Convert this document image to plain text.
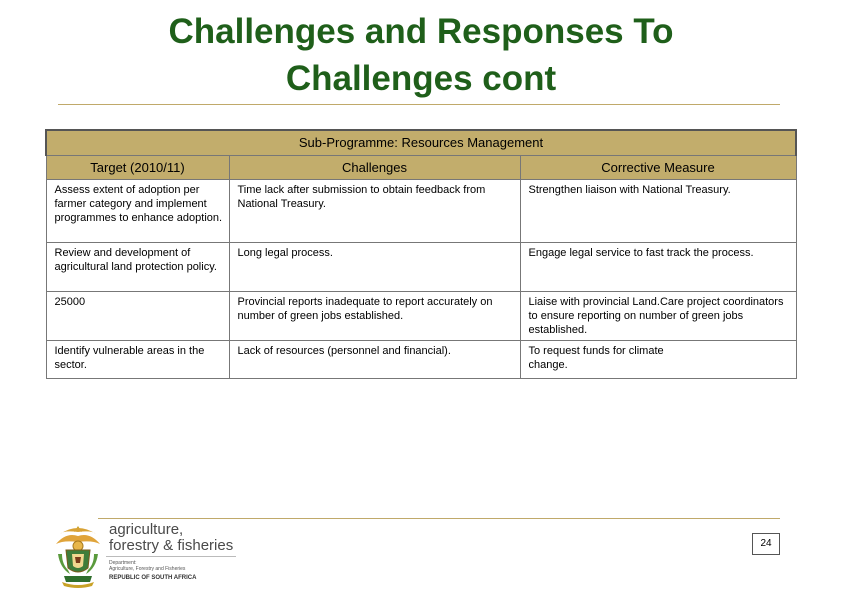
Challenges and Responses To
Challenges cont
Sub-Programme: Resources Management		
Target (2010/11)	Challenges	Corrective Measure

Assess extent of adoption per farmer category and implement programmes to enhance adoption.	Time lack after submission to obtain feedback from National Treasury.	Strengthen liaison with National Treasury.

Review and development of agricultural land protection policy.	Long legal process.	Engage legal service to fast track the process.

25000	Provincial reports inadequate to report accurately on number of green jobs established.	Liaise with provincial Land.Care project coordinators to ensure reporting on number of green jobs established.

Identify vulnerable areas in the sector.	Lack of resources (personnel and financial).	To request funds for climate change.
agriculture,
forestry & fisheries
Department:
Agriculture, Forestry and Fisheries
REPUBLIC OF SOUTH AFRICA
24
